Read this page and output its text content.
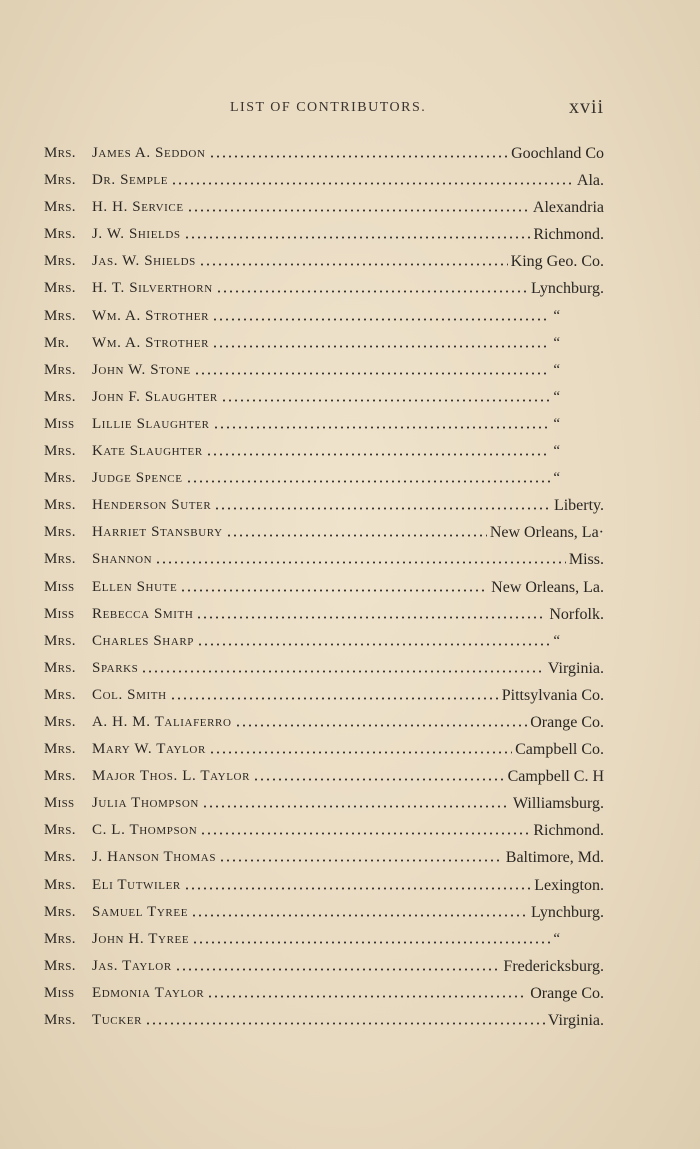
LIST OF CONTRIBUTORS.	xvii
Mrs. James A. Seddon	Goochland Co
Mrs. Dr. Semple	Ala.
Mrs. H. H. Service	Alexandria
Mrs. J. W. Shields	Richmond.
Mrs. Jas. W. Shields	King Geo. Co.
Mrs. H. T. Silverthorn	Lynchburg.
Mrs. Wm. A. Strother	“
Mr. Wm. A. Strother	“
Mrs. John W. Stone	“
Mrs. John F. Slaughter	“
Miss Lillie Slaughter	“
Mrs. Kate Slaughter	“
Mrs. Judge Spence	“
Mrs. Henderson Suter	Liberty.
Mrs. Harriet Stansbury	New Orleans, La·
Mrs. Shannon	Miss.
Miss Ellen Shute	New Orleans, La.
Miss Rebecca Smith	Norfolk.
Mrs. Charles Sharp	“
Mrs. Sparks	Virginia.
Mrs. Col. Smith	Pittsylvania Co.
Mrs. A. H. M. Taliaferro	Orange Co.
Mrs. Mary W. Taylor	Campbell Co.
Mrs. Major Thos. L. Taylor	Campbell C. H
Miss Julia Thompson	Williamsburg.
Mrs. C. L. Thompson	Richmond.
Mrs. J. Hanson Thomas	Baltimore, Md.
Mrs. Eli Tutwiler	Lexington.
Mrs. Samuel Tyree	Lynchburg.
Mrs. John H. Tyree	“
Mrs. Jas. Taylor	Fredericksburg.
Miss Edmonia Taylor	Orange Co.
Mrs. Tucker	Virginia.
